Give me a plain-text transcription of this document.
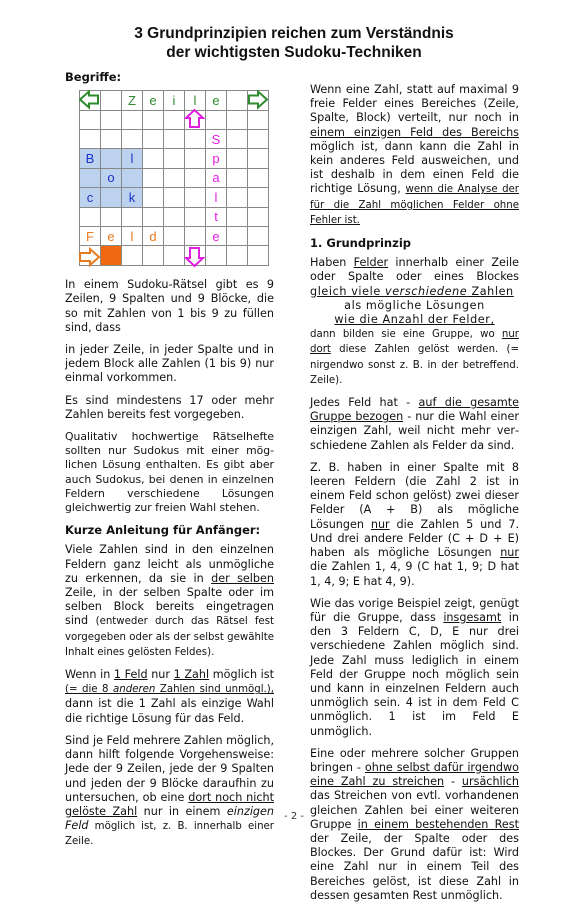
3 Grundprinzipien reichen zum Verständnis
der wichtigsten Sudoku-Techniken
Begriffe:
		Z	e	i	l	e		

						S		
B		l				p		
	o					a		
c		k				l		
						t		
F	e	l	d			e		

In einem Sudoku-Rätsel gibt es 9 Zeilen, 9 Spalten und 9 Blöcke, die so mit Zahlen von 1 bis 9 zu füllen sind, dass

in jeder Zeile, in jeder Spalte und in jedem Block alle Zahlen (1 bis 9) nur einmal vorkommen.

Es sind mindestens 17 oder mehr Zahlen bereits fest vorgegeben.

Qualitativ hochwertige Rätselhefte sollten nur Sudokus mit einer möglichen Lösung enthalten. Es gibt aber auch Sudokus, bei denen in einzelnen Feldern verschiedene Lösungen gleichwertig zur freien Wahl stehen.

Kurze Anleitung für Anfänger:

Viele Zahlen sind in den einzelnen Feldern ganz leicht als unmögliche zu erkennen, da sie in der selben Zeile, in der selben Spalte oder im selben Block bereits eingetragen sind (entweder durch das Rätsel fest vorgegeben oder als der selbst gewählte Inhalt eines gelösten Feldes).

Wenn in 1 Feld nur 1 Zahl möglich ist (= die 8 anderen Zahlen sind unmögl.), dann ist die 1 Zahl als einzige Wahl die richtige Lösung für das Feld.

Sind je Feld mehrere Zahlen möglich, dann hilft folgende Vorgehensweise: Jede der 9 Zeilen, jede der 9 Spalten und jeden der 9 Blöcke daraufhin zu untersuchen, ob eine dort noch nicht gelöste Zahl nur in einem einzigen Feld möglich ist, z. B. innerhalb einer Zeile.

Wenn eine Zahl, statt auf maximal 9 freie Felder eines Bereiches (Zeile, Spalte, Block) verteilt, nur noch in einem einzigen Feld des Bereichs möglich ist, dann kann die Zahl in kein anderes Feld ausweichen, und ist deshalb in dem einen Feld die richtige Lösung, wenn die Analyse der für die Zahl möglichen Felder ohne Fehler ist.

1. Grundprinzip

Haben Felder innerhalb einer Zeile oder Spalte oder eines Blockes gleich viele verschiedene Zahlen

als mögliche Lösungen
wie die Anzahl der Felder,
dann bilden sie eine Gruppe, wo nur dort diese Zahlen gelöst werden. (= nirgendwo sonst z. B. in der betreffend. Zeile).

Jedes Feld hat - auf die gesamte Gruppe bezogen - nur die Wahl einer einzigen Zahl, weil nicht mehr verschiedene Zahlen als Felder da sind.

Z. B. haben in einer Spalte mit 8 leeren Feldern (die Zahl 2 ist in einem Feld schon gelöst) zwei dieser Felder (A + B) als mögliche Lösungen nur die Zahlen 5 und 7. Und drei andere Felder (C + D + E) haben als mögliche Lösungen nur die Zahlen 1, 4, 9 (C hat 1, 9; D hat 1, 4, 9; E hat 4, 9).

Wie das vorige Beispiel zeigt, genügt für die Gruppe, dass insgesamt in den 3 Feldern C, D, E nur drei verschiedene Zahlen möglich sind. Jede Zahl muss lediglich in einem Feld der Gruppe noch möglich sein und kann in einzelnen Feldern auch unmöglich sein. 4 ist in dem Feld C unmöglich. 1 ist im Feld E unmöglich.

Eine oder mehrere solcher Gruppen bringen - ohne selbst dafür irgendwo eine Zahl zu streichen - ursächlich das Streichen von evtl. vorhandenen gleichen Zahlen bei einer weiteren Gruppe in einem bestehenden Rest der Zeile, der Spalte oder des Blockes. Der Grund dafür ist: Wird eine Zahl nur in einem Teil des Bereiches gelöst, ist diese Zahl in dessen gesamten Rest unmöglich.

- 2 -
